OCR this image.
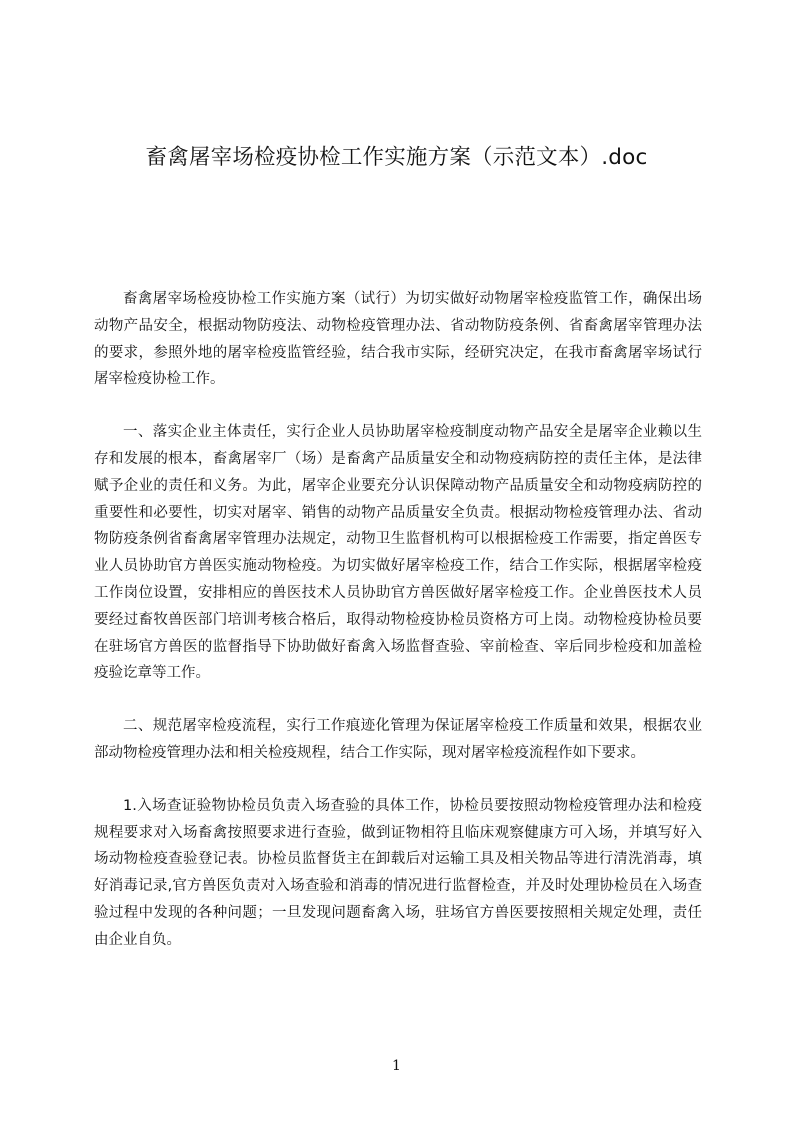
畜禽屠宰场检疫协检工作实施方案（示范文本）.doc

畜禽屠宰场检疫协检工作实施方案（试行）为切实做好动物屠宰检疫监管工作，确保出场动物产品安全，根据动物防疫法、动物检疫管理办法、省动物防疫条例、省畜禽屠宰管理办法的要求，参照外地的屠宰检疫监管经验，结合我市实际，经研究决定，在我市畜禽屠宰场试行屠宰检疫协检工作。

一、落实企业主体责任，实行企业人员协助屠宰检疫制度动物产品安全是屠宰企业赖以生存和发展的根本，畜禽屠宰厂（场）是畜禽产品质量安全和动物疫病防控的责任主体，是法律赋予企业的责任和义务。为此，屠宰企业要充分认识保障动物产品质量安全和动物疫病防控的重要性和必要性，切实对屠宰、销售的动物产品质量安全负责。根据动物检疫管理办法、省动物防疫条例省畜禽屠宰管理办法规定，动物卫生监督机构可以根据检疫工作需要，指定兽医专业人员协助官方兽医实施动物检疫。为切实做好屠宰检疫工作，结合工作实际，根据屠宰检疫工作岗位设置，安排相应的兽医技术人员协助官方兽医做好屠宰检疫工作。企业兽医技术人员要经过畜牧兽医部门培训考核合格后，取得动物检疫协检员资格方可上岗。动物检疫协检员要在驻场官方兽医的监督指导下协助做好畜禽入场监督查验、宰前检查、宰后同步检疫和加盖检疫验讫章等工作。

二、规范屠宰检疫流程，实行工作痕迹化管理为保证屠宰检疫工作质量和效果，根据农业部动物检疫管理办法和相关检疫规程，结合工作实际，现对屠宰检疫流程作如下要求。

1.入场查证验物协检员负责入场查验的具体工作，协检员要按照动物检疫管理办法和检疫规程要求对入场畜禽按照要求进行查验，做到证物相符且临床观察健康方可入场，并填写好入场动物检疫查验登记表。协检员监督货主在卸载后对运输工具及相关物品等进行清洗消毒，填好消毒记录,官方兽医负责对入场查验和消毒的情况进行监督检查，并及时处理协检员在入场查验过程中发现的各种问题；一旦发现问题畜禽入场，驻场官方兽医要按照相关规定处理，责任由企业自负。

1
